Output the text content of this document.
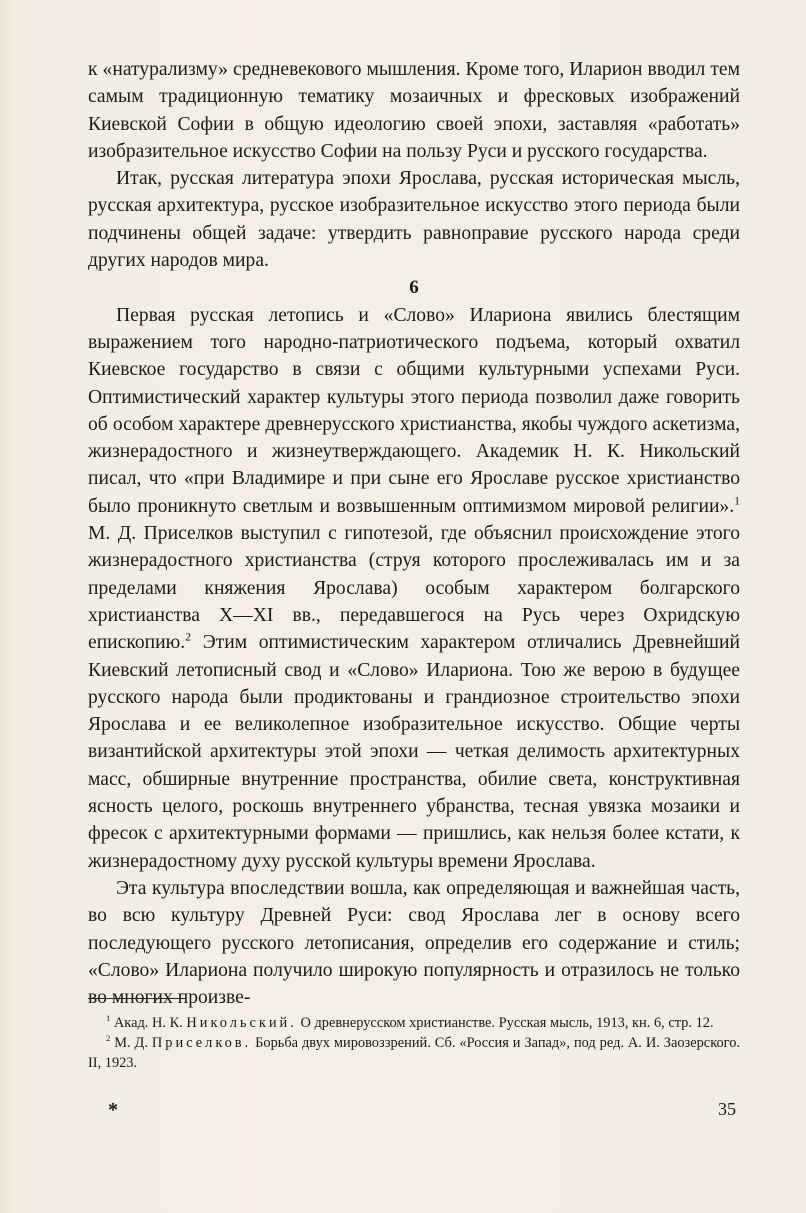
к «натурализму» средневекового мышления. Кроме того, Иларион вводил тем самым традиционную тематику мозаичных и фресковых изображений Киевской Софии в общую идеологию своей эпохи, заставляя «работать» изобразительное искусство Софии на пользу Руси и русского государства.

Итак, русская литература эпохи Ярослава, русская историческая мысль, русская архитектура, русское изобразительное искусство этого периода были подчинены общей задаче: утвердить равноправие русского народа среди других народов мира.

6

Первая русская летопись и «Слово» Илариона явились блестящим выражением того народно-патриотического подъема, который охватил Киевское государство в связи с общими культурными успехами Руси. Оптимистический характер культуры этого периода позволил даже говорить об особом характере древнерусского христианства, якобы чуждого аскетизма, жизнерадостного и жизнеутверждающего. Академик Н. К. Никольский писал, что «при Владимире и при сыне его Ярославе русское христианство было проникнуто светлым и возвышенным оптимизмом мировой религии».$^1$ М. Д. Приселков выступил с гипотезой, где объяснил происхождение этого жизнерадостного христианства (струя которого прослеживалась им и за пределами княжения Ярослава) особым характером болгарского христианства X—XI вв., передавшегося на Русь через Охридскую епископию.$^2$ Этим оптимистическим характером отличались Древнейший Киевский летописный свод и «Слово» Илариона. Тою же верою в будущее русского народа были продиктованы и грандиозное строительство эпохи Ярослава и ее великолепное изобразительное искусство. Общие черты византийской архитектуры этой эпохи — четкая делимость архитектурных масс, обширные внутренние пространства, обилие света, конструктивная ясность целого, роскошь внутреннего убранства, тесная увязка мозаики и фресок с архитектурными формами — пришлись, как нельзя более кстати, к жизнерадостному духу русской культуры времени Ярослава.

Эта культура впоследствии вошла, как определяющая и важнейшая часть, во всю культуру Древней Руси: свод Ярослава лег в основу всего последующего русского летописания, определив его содержание и стиль; «Слово» Илариона получило широкую популярность и отразилось не только во многих произве-

$^1$ Акад. Н. К. Никольский. О древнерусском христианстве. Русская мысль, 1913, кн. 6, стр. 12.

$^2$ М. Д. Приселков. Борьба двух мировоззрений. Сб. «Россия и Запад», под ред. А. И. Заозерского. II, 1923.

*	35
